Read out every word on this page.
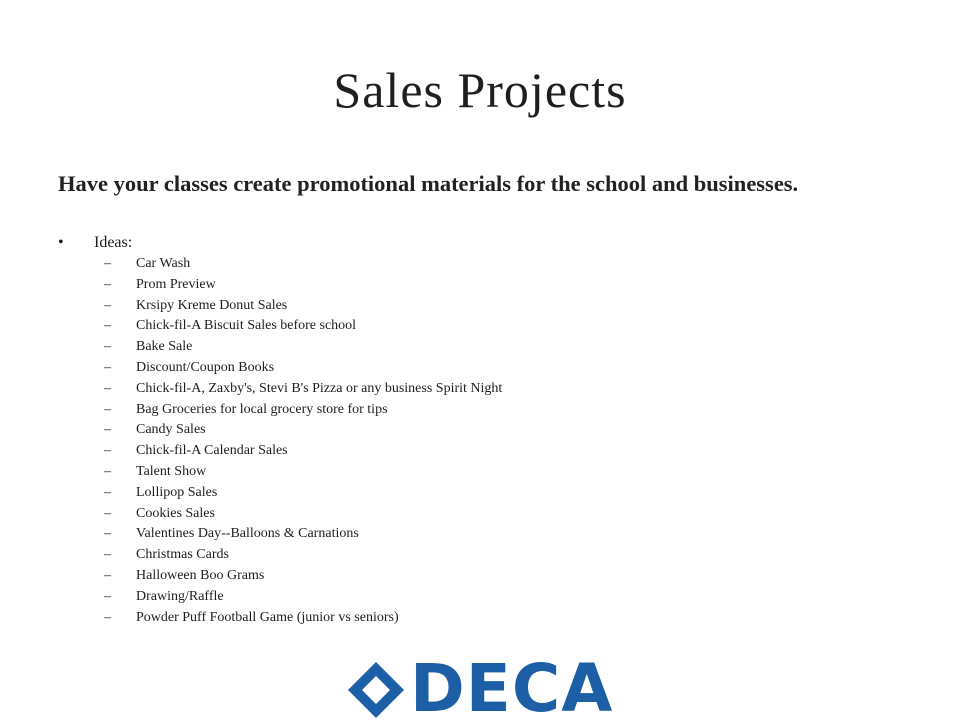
Sales Projects
Have your classes create promotional materials for the school and businesses.
• Ideas:
– Car Wash
– Prom Preview
– Krsipy Kreme Donut Sales
– Chick-fil-A Biscuit Sales before school
– Bake Sale
– Discount/Coupon Books
– Chick-fil-A, Zaxby's, Stevi B's Pizza or any business Spirit Night
– Bag Groceries for local grocery store for tips
– Candy Sales
– Chick-fil-A Calendar Sales
– Talent Show
– Lollipop Sales
– Cookies Sales
– Valentines Day--Balloons & Carnations
– Christmas Cards
– Halloween Boo Grams
– Drawing/Raffle
– Powder Puff Football Game (junior vs seniors)
DECA
